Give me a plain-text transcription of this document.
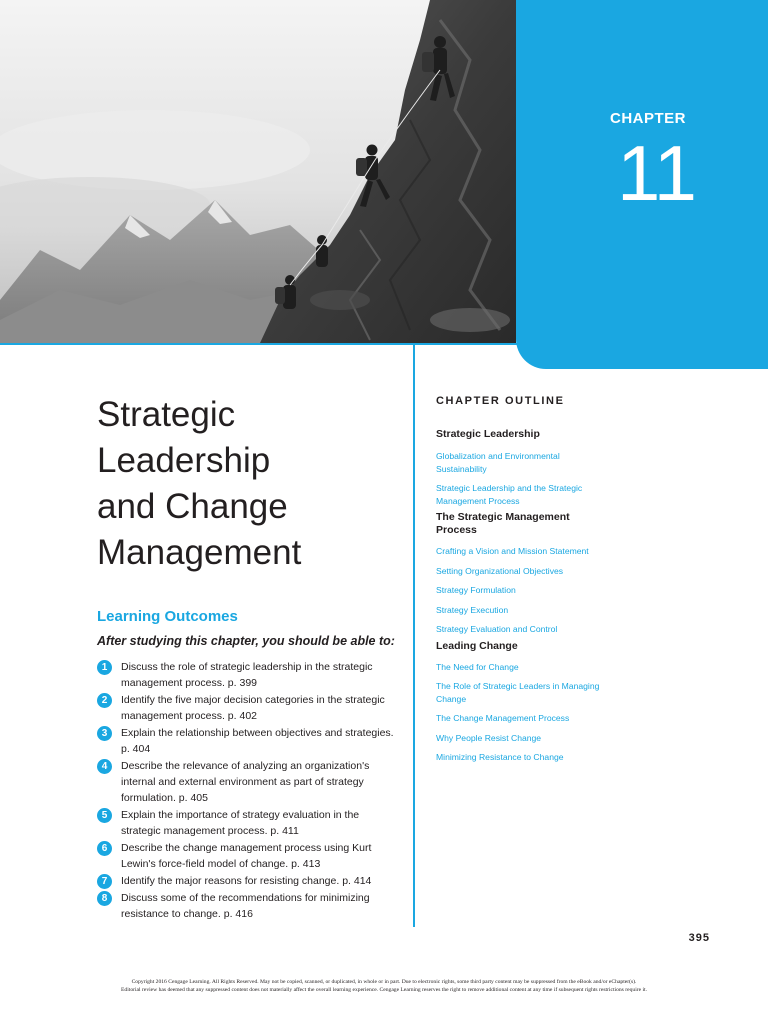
CHAPTER
11
Strategic
Leadership
and Change
Management
Learning Outcomes

After studying this chapter, you should be able to:

1	Discuss the role of strategic leadership in the strategic management process. p. 399
2	Identify the five major decision categories in the strategic management process. p. 402
3	Explain the relationship between objectives and strategies. p. 404
4	Describe the relevance of analyzing an organization's internal and external environment as part of strategy formulation. p. 405
5	Explain the importance of strategy evaluation in the strategic management process. p. 411
6	Describe the change management process using Kurt Lewin's force-field model of change. p. 413
7	Identify the major reasons for resisting change. p. 414
8	Discuss some of the recommendations for minimizing resistance to change. p. 416
CHAPTER OUTLINE
Strategic Leadership
Globalization and Environmental Sustainability
Strategic Leadership and the Strategic Management Process
The Strategic Management Process
Crafting a Vision and Mission Statement
Setting Organizational Objectives
Strategy Formulation
Strategy Execution
Strategy Evaluation and Control
Leading Change
The Need for Change
The Role of Strategic Leaders in Managing Change
The Change Management Process
Why People Resist Change
Minimizing Resistance to Change
395
Copyright 2016 Cengage Learning. All Rights Reserved. May not be copied, scanned, or duplicated, in whole or in part. Due to electronic rights, some third party content may be suppressed from the eBook and/or eChapter(s).
Editorial review has deemed that any suppressed content does not materially affect the overall learning experience. Cengage Learning reserves the right to remove additional content at any time if subsequent rights restrictions require it.
